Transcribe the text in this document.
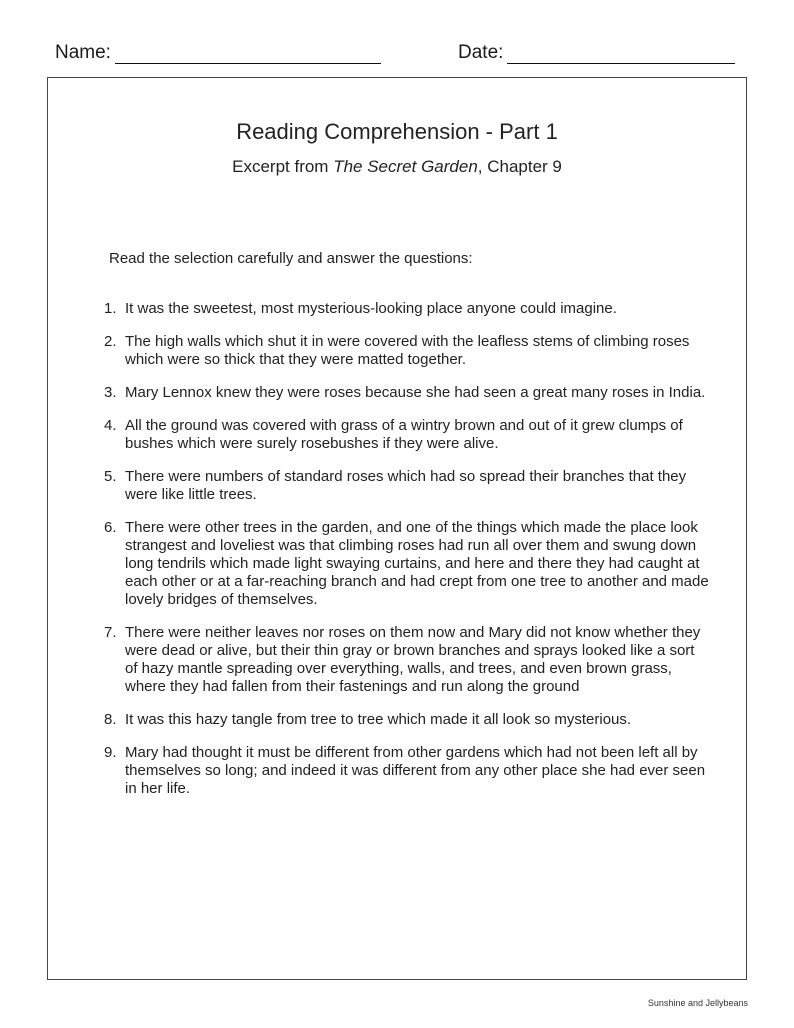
Name:	Date:
Reading Comprehension - Part 1
Excerpt from The Secret Garden, Chapter 9
Read the selection carefully and answer the questions:
1. It was the sweetest, most mysterious-looking place anyone could imagine.
2. The high walls which shut it in were covered with the leafless stems of climbing roses which were so thick that they were matted together.
3. Mary Lennox knew they were roses because she had seen a great many roses in India.
4. All the ground was covered with grass of a wintry brown and out of it grew clumps of bushes which were surely rosebushes if they were alive.
5. There were numbers of standard roses which had so spread their branches that they were like little trees.
6. There were other trees in the garden, and one of the things which made the place look strangest and loveliest was that climbing roses had run all over them and swung down long tendrils which made light swaying curtains, and here and there they had caught at each other or at a far-reaching branch and had crept from one tree to another and made lovely bridges of themselves.
7. There were neither leaves nor roses on them now and Mary did not know whether they were dead or alive, but their thin gray or brown branches and sprays looked like a sort of hazy mantle spreading over everything, walls, and trees, and even brown grass, where they had fallen from their fastenings and run along the ground
8. It was this hazy tangle from tree to tree which made it all look so mysterious.
9. Mary had thought it must be different from other gardens which had not been left all by themselves so long; and indeed it was different from any other place she had ever seen in her life.
Sunshine and Jellybeans
